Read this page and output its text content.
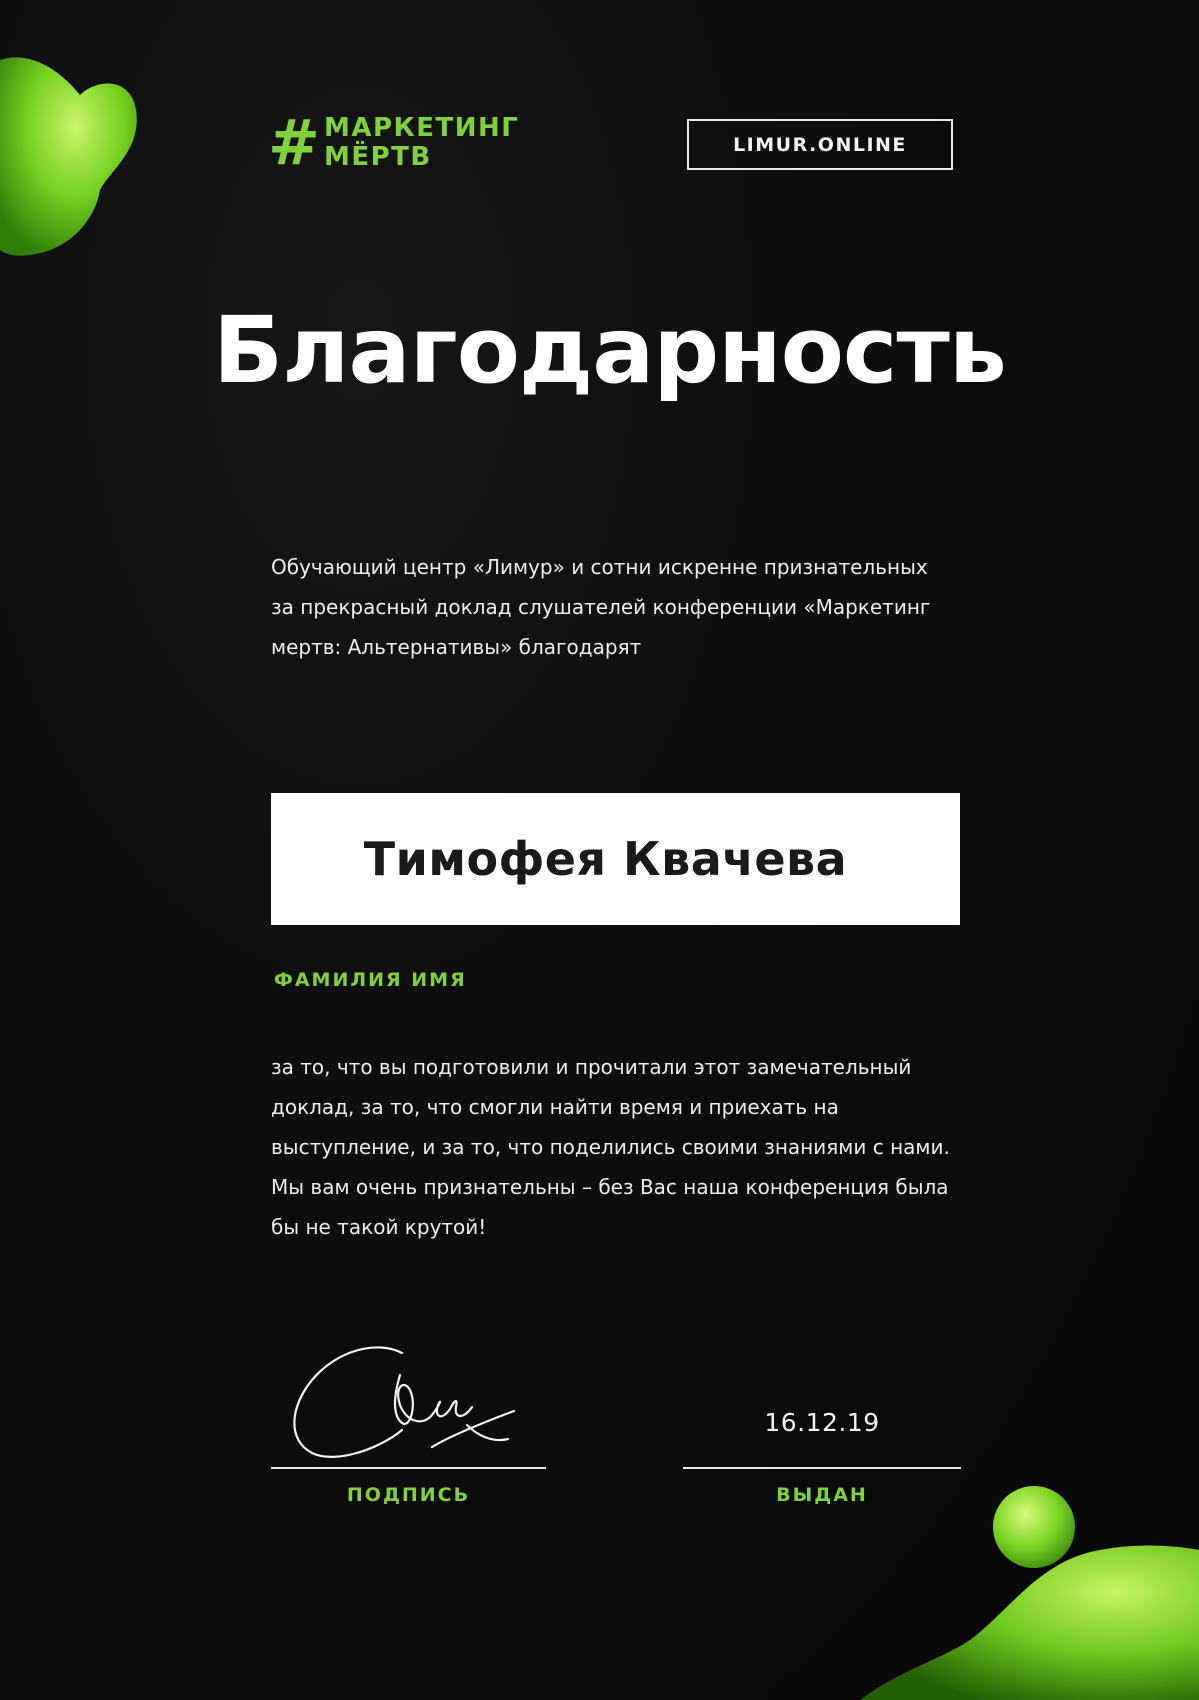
# МАРКЕТИНГ
МЁРТВ	LIMUR.ONLINE
Благодарность
Обучающий центр «Лимур» и сотни искренне признательных
за прекрасный доклад слушателей конференции «Маркетинг
мертв: Альтернативы» благодарят
Тимофея Квачева
ФАМИЛИЯ ИМЯ
за то, что вы подготовили и прочитали этот замечательный
доклад, за то, что смогли найти время и приехать на
выступление, и за то, что поделились своими знаниями с нами.
Мы вам очень признательны – без Вас наша конференция была
бы не такой крутой!
ПОДПИСЬ
16.12.19
ВЫДАН
